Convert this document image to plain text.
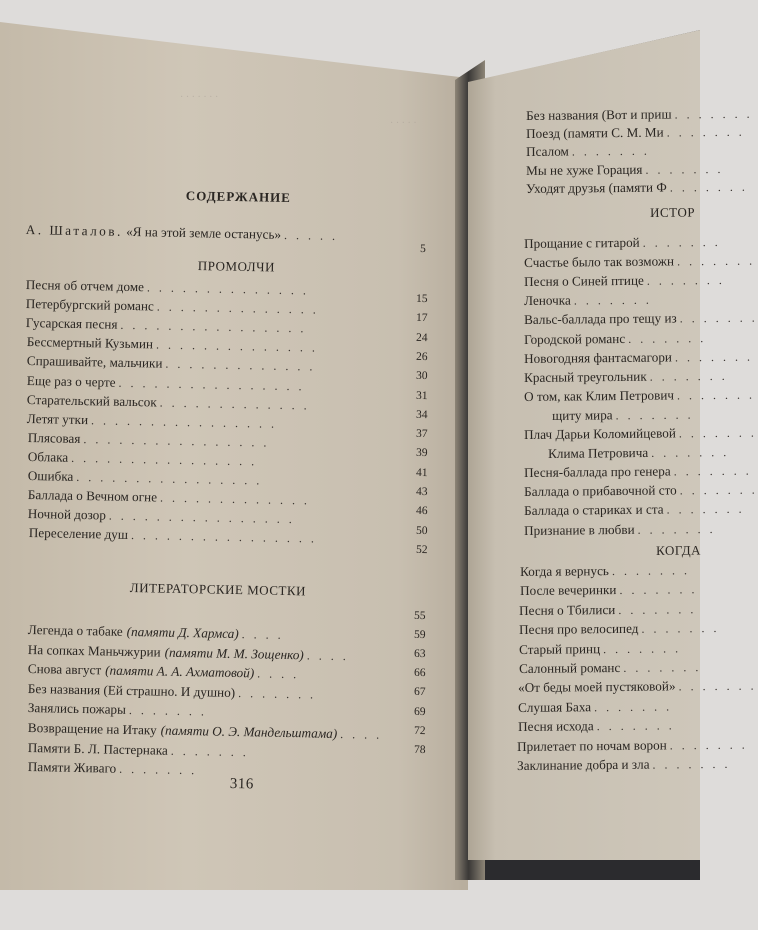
· · · · · · ·
· · · · ·
СОДЕРЖАНИЕ
А. Шаталов.
«Я на этой земле останусь» . . . . .
5
ПРОМОЛЧИ
Песня об отчем доме . . . . . . . . . . . . . .
Петербургский романс . . . . . . . . . . . . . .
Гусарская песня . . . . . . . . . . . . . . . .
Бессмертный Кузьмин . . . . . . . . . . . . . .
Спрашивайте, мальчики . . . . . . . . . . . . .
Еще раз о черте . . . . . . . . . . . . . . . .
Старательский вальсок . . . . . . . . . . . . .
Летят утки . . . . . . . . . . . . . . . .
Плясовая . . . . . . . . . . . . . . . .
Облака . . . . . . . . . . . . . . . .
Ошибка . . . . . . . . . . . . . . . .
Баллада о Вечном огне . . . . . . . . . . . . .
Ночной дозор . . . . . . . . . . . . . . . .
Переселение душ . . . . . . . . . . . . . . . .
15
17
24
26
30
31
34
37
39
41
43
46
50
52
ЛИТЕРАТОРСКИЕ МОСТКИ
Легенда о табаке (памяти Д. Хармса) . . . .
На сопках Маньчжурии (памяти М. М. Зощенко) . . . .
Снова август (памяти А. А. Ахматовой) . . . .
Без названия (Ей страшно. И душно) . . . . . . .
Занялись пожары . . . . . . .
Возвращение на Итаку (памяти О. Э. Мандельштама) . . . .
Памяти Б. Л. Пастернака . . . . . . .
Памяти Живаго . . . . . . .
55
59
63
66
67
69
72
78
316
Без названия (Вот и приш . . . . . . .
Поезд (памяти С. М. Ми . . . . . . .
Псалом . . . . . . .
Мы не хуже Горация . . . . . . .
Уходят друзья (памяти Ф . . . . . . .
ИСТОР
Прощание с гитарой . . . . . . .
Счастье было так возможн . . . . . . .
Песня о Синей птице . . . . . . .
Леночка . . . . . . .
Вальс-баллада про тещу из . . . . . . .
Городской романс . . . . . . .
Новогодняя фантасмагори . . . . . . .
Красный треугольник . . . . . . .
О том, как Клим Петрович . . . . . . .
щиту мира . . . . . . .
Плач Дарьи Коломийцевой . . . . . . .
Клима Петровича . . . . . . .
Песня-баллада про генера . . . . . . .
Баллада о прибавочной сто . . . . . . .
Баллада о стариках и ста . . . . . . .
Признание в любви . . . . . . .
КОГДА
Когда я вернусь . . . . . . .
После вечеринки . . . . . . .
Песня о Тбилиси . . . . . . .
Песня про велосипед . . . . . . .
Старый принц . . . . . . .
Салонный романс . . . . . . .
«От беды моей пустяковой» . . . . . . .
Слушая Баха . . . . . . .
Песня исхода . . . . . . .
Прилетает по ночам ворон . . . . . . .
Заклинание добра и зла . . . . . . .
